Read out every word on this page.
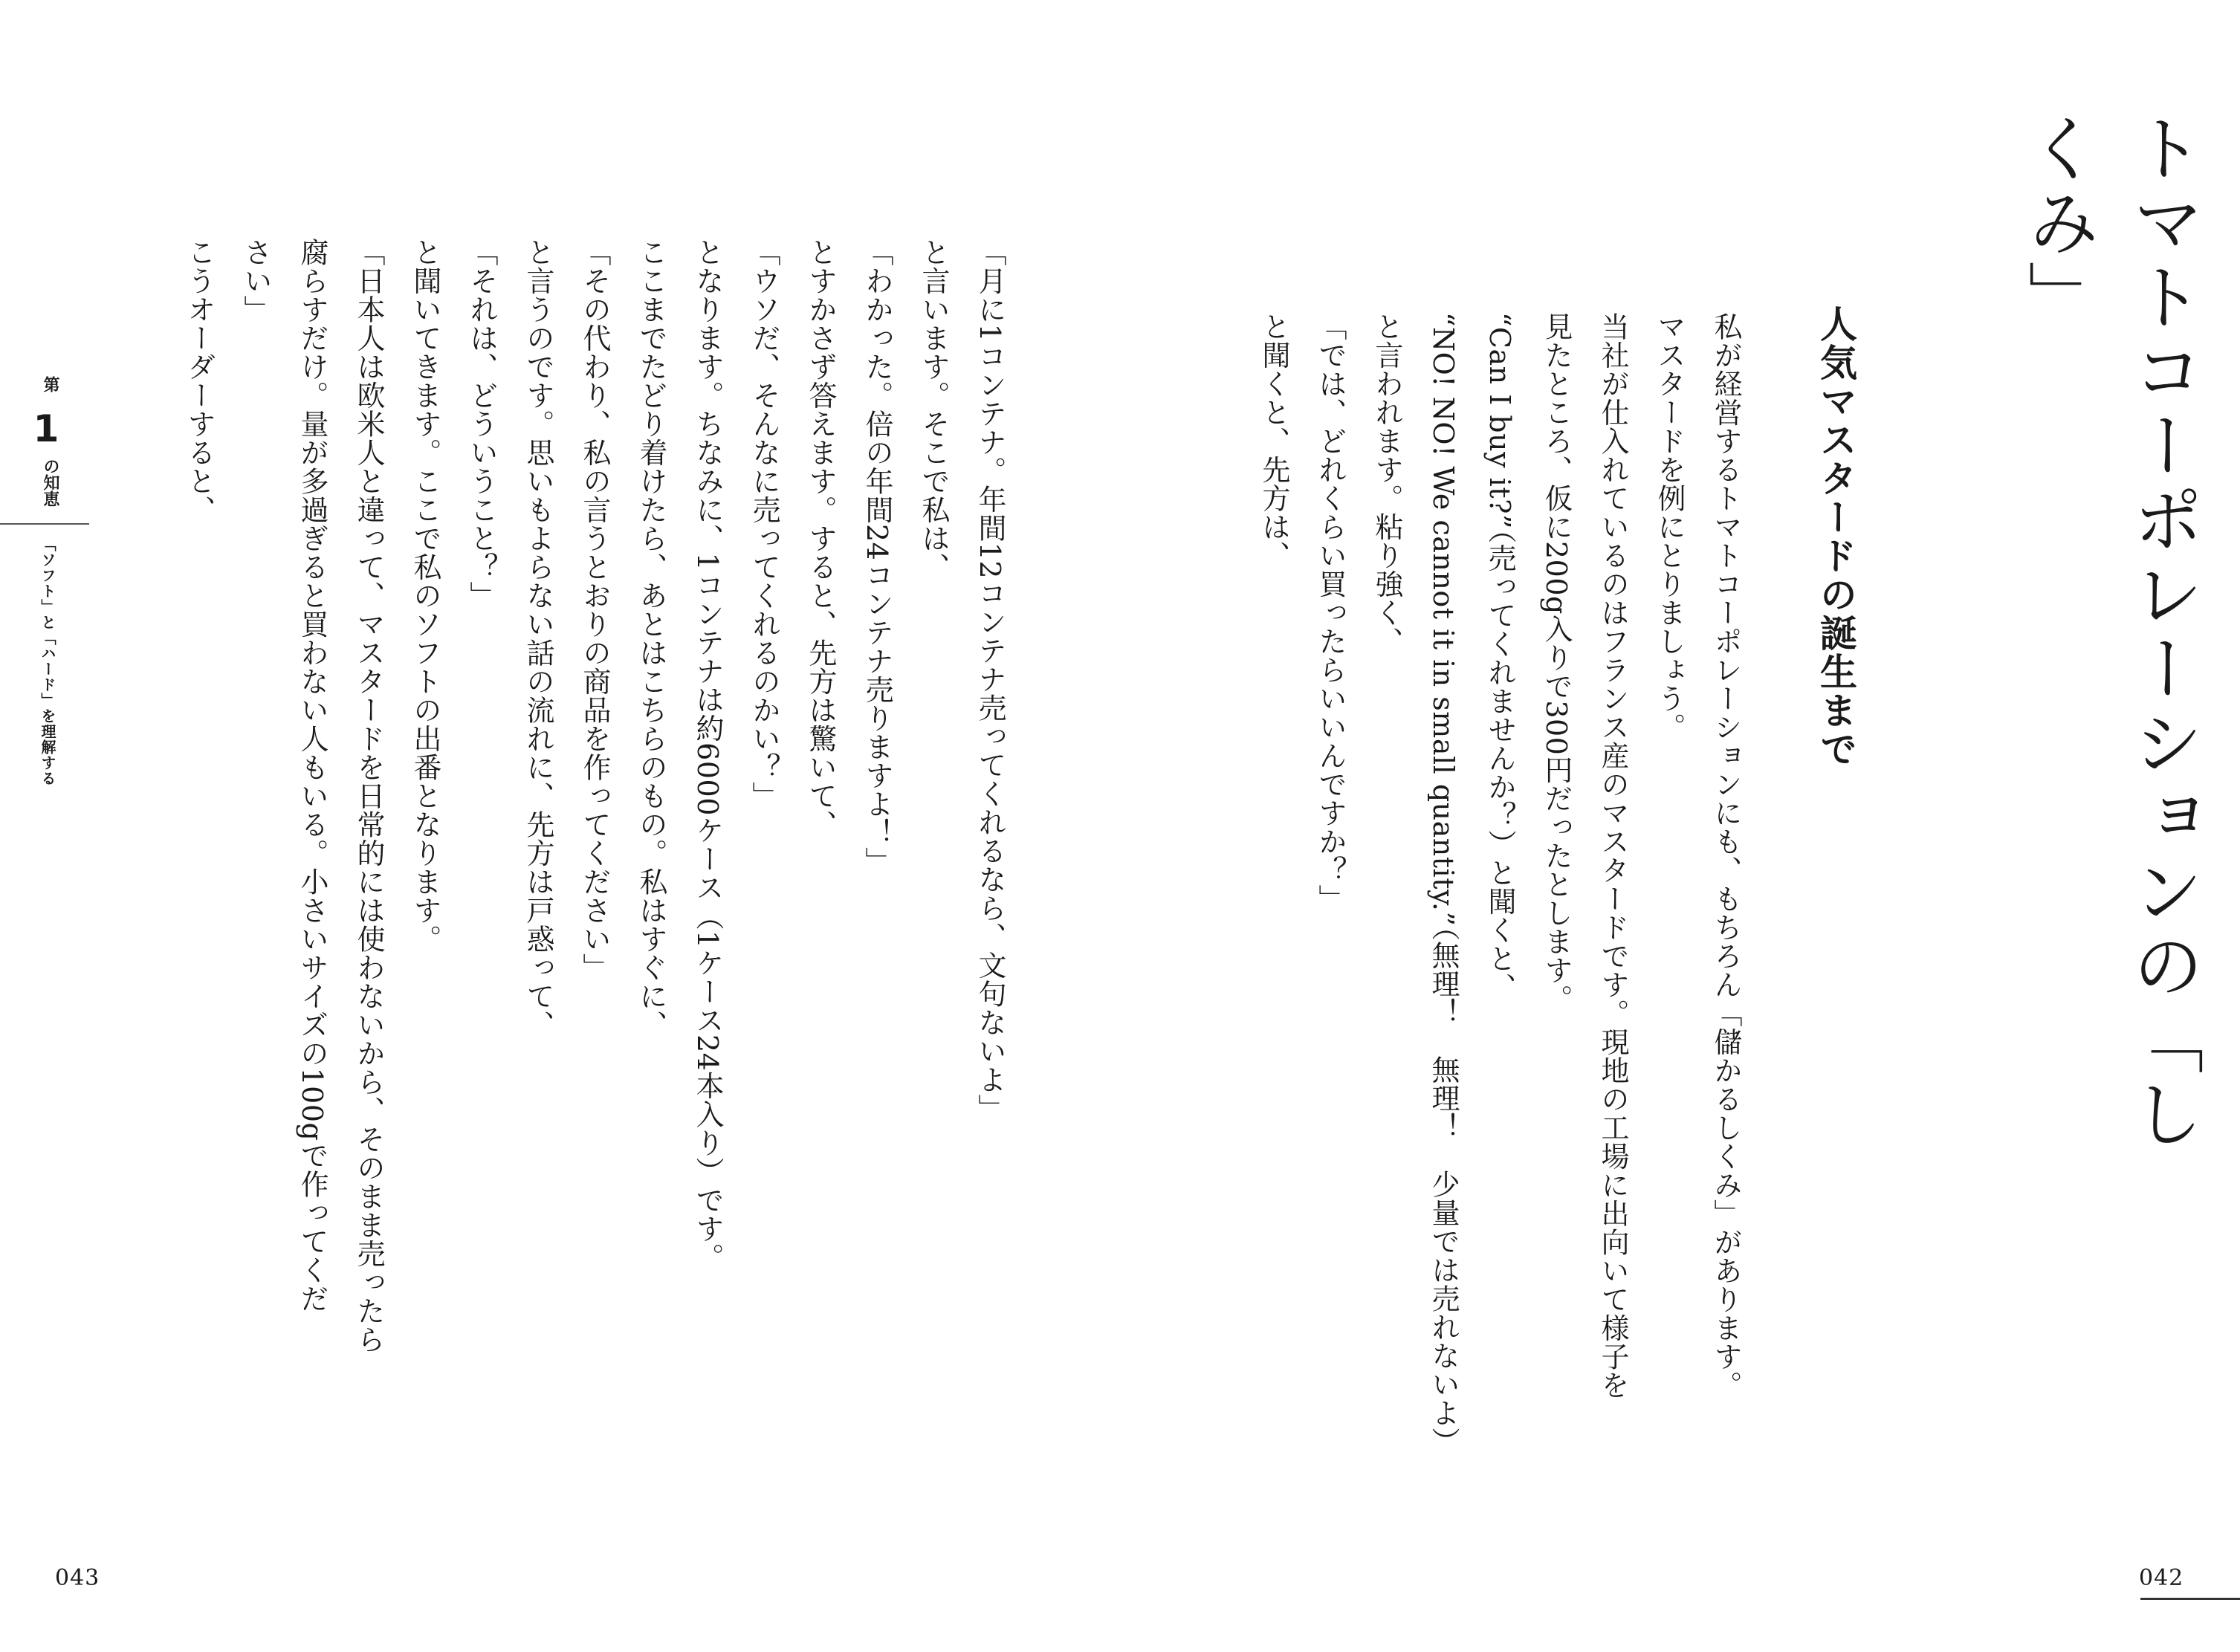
トマトコーポレーションの「しくみ」
人気マスタードの誕生まで
私が経営するトマトコーポレーションにも、もちろん「儲かるしくみ」があります。
マスタードを例にとりましょう。
当社が仕入れているのはフランス産のマスタードです。現地の工場に出向いて様子を
見たところ、仮に200g入りで300円だったとします。
“Can I buy it?”（売ってくれませんか？）と聞くと、
“NO! NO! We cannot it in small quantity.”（無理！　無理！　少量では売れないよ）
と言われます。粘り強く、
「では、どれくらい買ったらいいんですか？」
と聞くと、先方は、
「月に1コンテナ。年間12コンテナ売ってくれるなら、文句ないよ」
と言います。そこで私は、
「わかった。倍の年間24コンテナ売りますよ！」
とすかさず答えます。すると、先方は驚いて、
「ウソだ、そんなに売ってくれるのかい？」
となります。ちなみに、1コンテナは約6000ケース（1ケース24本入り）です。
ここまでたどり着けたら、あとはこちらのもの。私はすぐに、
「その代わり、私の言うとおりの商品を作ってください」
と言うのです。思いもよらない話の流れに、先方は戸惑って、
「それは、どういうこと？」
と聞いてきます。ここで私のソフトの出番となります。
「日本人は欧米人と違って、マスタードを日常的には使わないから、そのまま売ったら
腐らすだけ。量が多過ぎると買わない人もいる。小さいサイズの100gで作ってくだ
さい」
こうオーダーすると、
第
1
の知恵
「ソフト」と「ハード」を理解する
043	042
